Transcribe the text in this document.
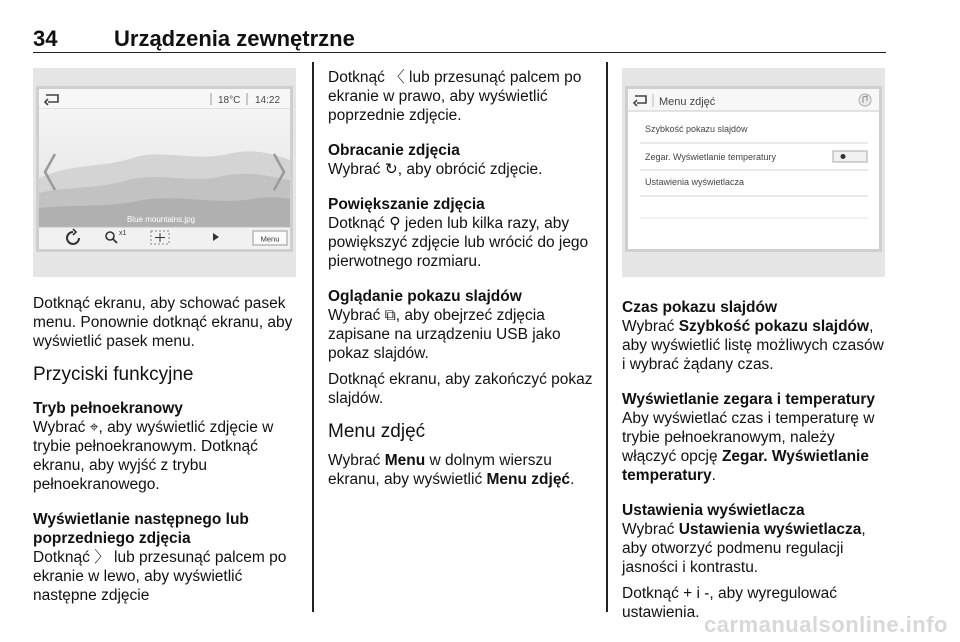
34	Urządzenia zewnętrzne
18°C 14:22
Blue mountains.jpg
x1
Menu
Menu zdjęć
Szybkość pokazu slajdów
Zegar. Wyświetlanie temperatury
Ustawienia wyświetlacza

Dotknąć ekranu, aby schować pasek menu. Ponownie dotknąć ekranu, aby wyświetlić pasek menu.

Przyciski funkcyjne

Tryb pełnoekranowy

Wybrać ⌖, aby wyświetlić zdjęcie w trybie pełnoekranowym. Dotknąć ekranu, aby wyjść z trybu pełnoekranowego.

Wyświetlanie następnego lub poprzedniego zdjęcia

Dotknąć 〉 lub przesunąć palcem po ekranie w lewo, aby wyświetlić następne zdjęcie

Dotknąć 〈 lub przesunąć palcem po ekranie w prawo, aby wyświetlić poprzednie zdjęcie.

Obracanie zdjęcia

Wybrać ↻, aby obrócić zdjęcie.

Powiększanie zdjęcia

Dotknąć ⚲ jeden lub kilka razy, aby powiększyć zdjęcie lub wrócić do jego pierwotnego rozmiaru.

Oglądanie pokazu slajdów

Wybrać ⧉, aby obejrzeć zdjęcia zapisane na urządzeniu USB jako pokaz slajdów.

Dotknąć ekranu, aby zakończyć pokaz slajdów.

Menu zdjęć

Wybrać Menu w dolnym wierszu ekranu, aby wyświetlić Menu zdjęć.

Czas pokazu slajdów

Wybrać Szybkość pokazu slajdów, aby wyświetlić listę możliwych czasów i wybrać żądany czas.

Wyświetlanie zegara i temperatury

Aby wyświetlać czas i temperaturę w trybie pełnoekranowym, należy włączyć opcję Zegar. Wyświetlanie temperatury.

Ustawienia wyświetlacza

Wybrać Ustawienia wyświetlacza, aby otworzyć podmenu regulacji jasności i kontrastu.

Dotknąć + i -, aby wyregulować ustawienia. carmanualsonline.info
